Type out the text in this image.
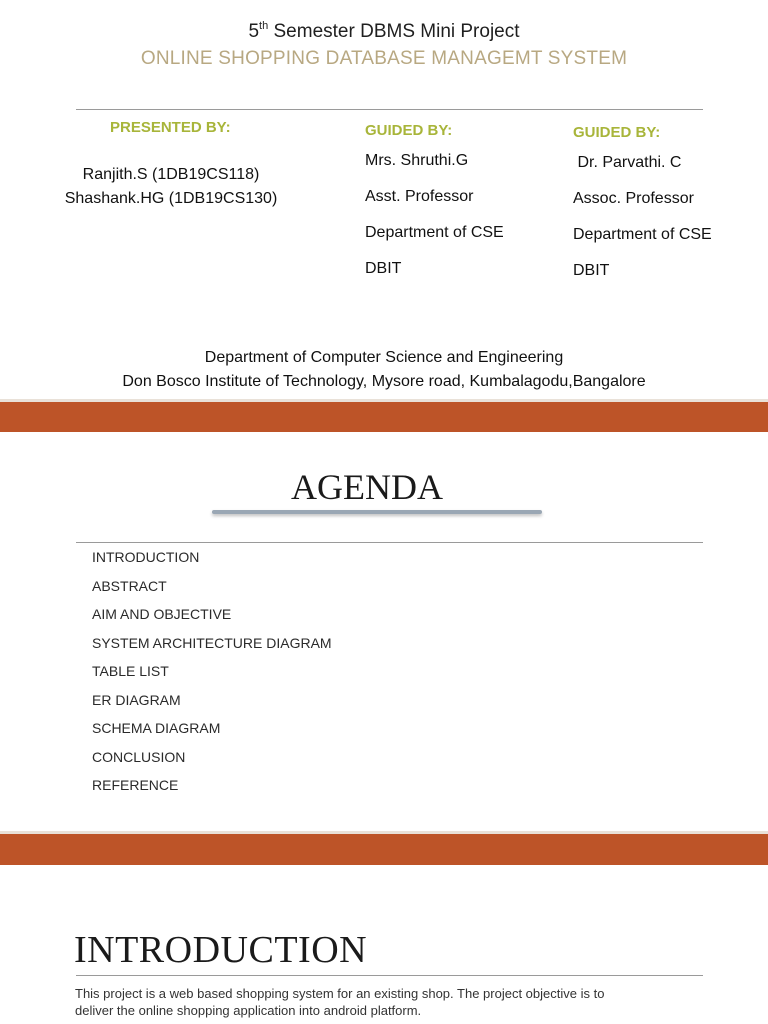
5th Semester DBMS Mini Project
ONLINE SHOPPING DATABASE MANAGEMT SYSTEM
PRESENTED BY:
Ranjith.S (1DB19CS118)
Shashank.HG (1DB19CS130)
GUIDED BY:
Mrs. Shruthi.G
Asst. Professor
Department of CSE
DBIT
GUIDED BY:
Dr. Parvathi. C
Assoc. Professor
Department of CSE
DBIT
Department of Computer Science and Engineering
Don Bosco Institute of Technology, Mysore road, Kumbalagodu,Bangalore
AGENDA
INTRODUCTION
ABSTRACT
AIM AND OBJECTIVE
SYSTEM ARCHITECTURE DIAGRAM
TABLE LIST
ER DIAGRAM
SCHEMA DIAGRAM
CONCLUSION
REFERENCE
INTRODUCTION
This project is a web based shopping system for an existing shop. The project objective is to
deliver the online shopping application into android platform.
